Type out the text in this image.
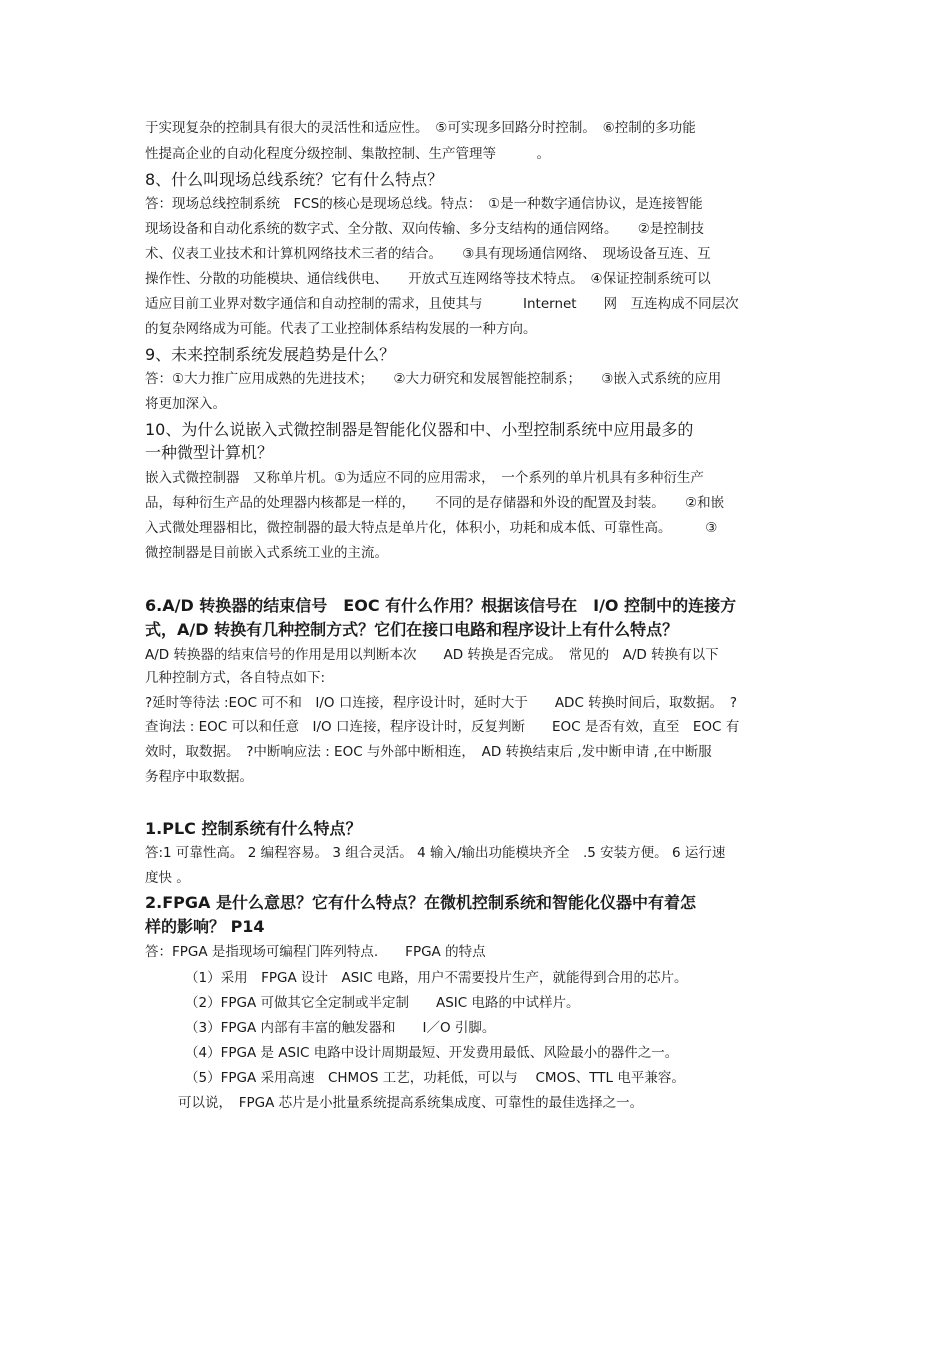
于实现复杂的控制具有很大的灵活性和适应性。　⑤可实现多回路分时控制。　⑥控制的多功能
性提高企业的自动化程度分级控制、集散控制、生产管理等　　　。
8、什么叫现场总线系统？它有什么特点？
答：现场总线控制系统　FCS的核心是现场总线。特点：　①是一种数字通信协议，是连接智能
现场设备和自动化系统的数字式、全分散、双向传输、多分支结构的通信网络。　　②是控制技
术、仪表工业技术和计算机网络技术三者的结合。　　③具有现场通信网络、　现场设备互连、互
操作性、分散的功能模块、通信线供电、　　开放式互连网络等技术特点。　④保证控制系统可以
适应目前工业界对数字通信和自动控制的需求，且使其与　　　Internet　　网　互连构成不同层次
的复杂网络成为可能。代表了工业控制体系结构发展的一种方向。
9、未来控制系统发展趋势是什么？
答：①大力推广应用成熟的先进技术；　　②大力研究和发展智能控制系；　　③嵌入式系统的应用
将更加深入。
10、为什么说嵌入式微控制器是智能化仪器和中、小型控制系统中应用最多的
一种微型计算机？
嵌入式微控制器　又称单片机。①为适应不同的应用需求，　一个系列的单片机具有多种衍生产
品，每种衍生产品的处理器内核都是一样的，　　不同的是存储器和外设的配置及封装。　　②和嵌
入式微处理器相比，微控制器的最大特点是单片化，体积小，功耗和成本低、可靠性高。　　　③
微控制器是目前嵌入式系统工业的主流。
6.A/D 转换器的结束信号　EOC 有什么作用？根据该信号在　I/O 控制中的连接方
式，A/D 转换有几种控制方式？它们在接口电路和程序设计上有什么特点？
A/D 转换器的结束信号的作用是用以判断本次　　AD 转换是否完成。　常见的　A/D 转换有以下
几种控制方式，各自特点如下:
?延时等待法 :EOC 可不和　I/O 口连接，程序设计时，延时大于　　ADC 转换时间后，取数据。　?
查询法 : EOC 可以和任意　I/O 口连接，程序设计时，反复判断　　EOC 是否有效，直至　EOC 有
效时，取数据。　?中断响应法 : EOC 与外部中断相连，　AD 转换结束后 ,发中断申请 ,在中断服
务程序中取数据。
1.PLC 控制系统有什么特点？
答:1 可靠性高。 2 编程容易。 3 组合灵活。 4 输入/输出功能模块齐全　.5 安装方便。 6 运行速
度快 。
2.FPGA 是什么意思？它有什么特点？在微机控制系统和智能化仪器中有着怎
样的影响？ P14
答：FPGA 是指现场可编程门阵列特点.　　FPGA 的特点
（1）采用　FPGA 设计　ASIC 电路，用户不需要投片生产，就能得到合用的芯片。
（2）FPGA 可做其它全定制或半定制　　ASIC 电路的中试样片。
（3）FPGA 内部有丰富的触发器和　　I／O 引脚。
（4）FPGA 是 ASIC 电路中设计周期最短、开发费用最低、风险最小的器件之一。
（5）FPGA 采用高速　CHMOS 工艺，功耗低，可以与　 CMOS、TTL 电平兼容。
可以说，　FPGA 芯片是小批量系统提高系统集成度、可靠性的最佳选择之一。
